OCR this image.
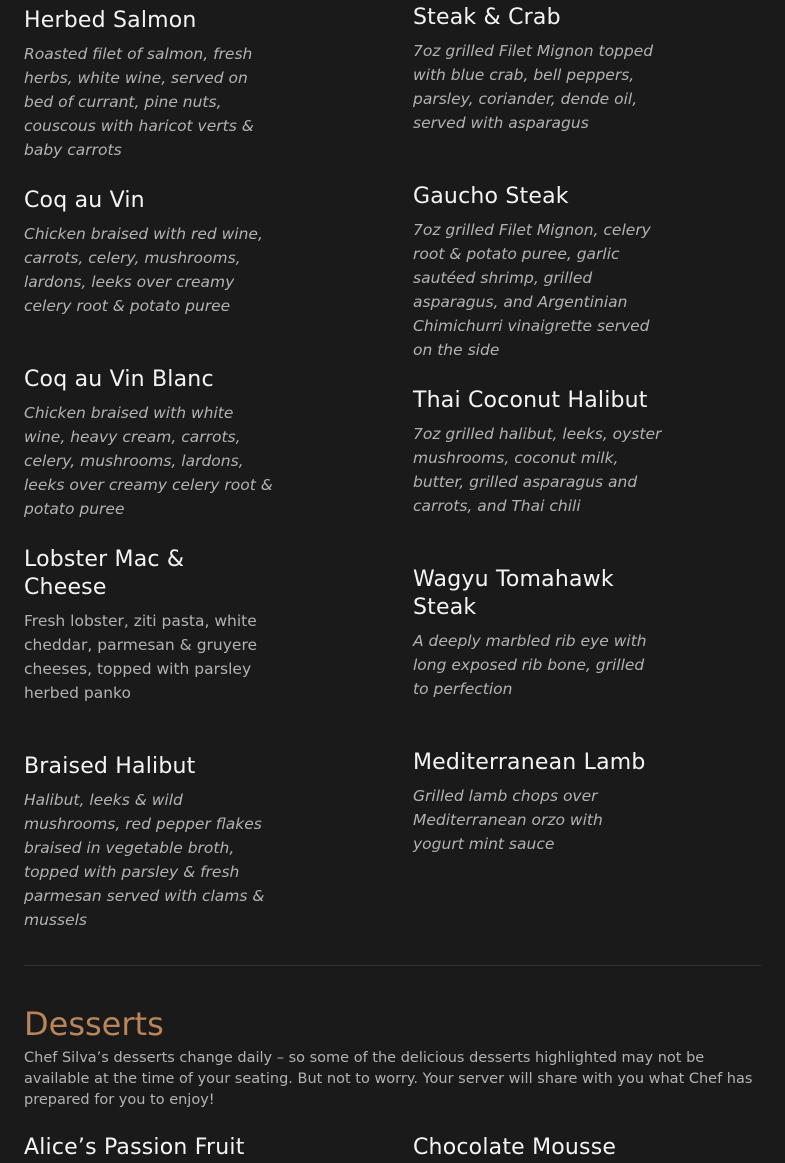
Herbed Salmon

Roasted filet of salmon, fresh herbs, white wine, served on bed of currant, pine nuts, couscous with haricot verts & baby carrots

Coq au Vin

Chicken braised with red wine, carrots, celery, mushrooms, lardons, leeks over creamy celery root & potato puree

Coq au Vin Blanc

Chicken braised with white wine, heavy cream, carrots, celery, mushrooms, lardons, leeks over creamy celery root & potato puree

Lobster Mac & Cheese

Fresh lobster, ziti pasta, white cheddar, parmesan & gruyere cheeses, topped with parsley herbed panko

Braised Halibut

Halibut, leeks & wild mushrooms, red pepper flakes braised in vegetable broth, topped with parsley & fresh parmesan served with clams & mussels

Steak & Crab

7oz grilled Filet Mignon topped with blue crab, bell peppers, parsley, coriander, dende oil, served with asparagus

Gaucho Steak

7oz grilled Filet Mignon, celery root & potato puree, garlic sautéed shrimp, grilled asparagus, and Argentinian Chimichurri vinaigrette served on the side

Thai Coconut Halibut

7oz grilled halibut, leeks, oyster mushrooms, coconut milk, butter, grilled asparagus and carrots, and Thai chili

Wagyu Tomahawk Steak

A deeply marbled rib eye with long exposed rib bone, grilled to perfection

Mediterranean Lamb

Grilled lamb chops over Mediterranean orzo with yogurt mint sauce

Desserts

Chef Silva’s desserts change daily – so some of the delicious desserts highlighted may not be available at the time of your seating. But not to worry. Your server will share with you what Chef has prepared for you to enjoy!

Alice’s Passion Fruit	Chocolate Mousse
